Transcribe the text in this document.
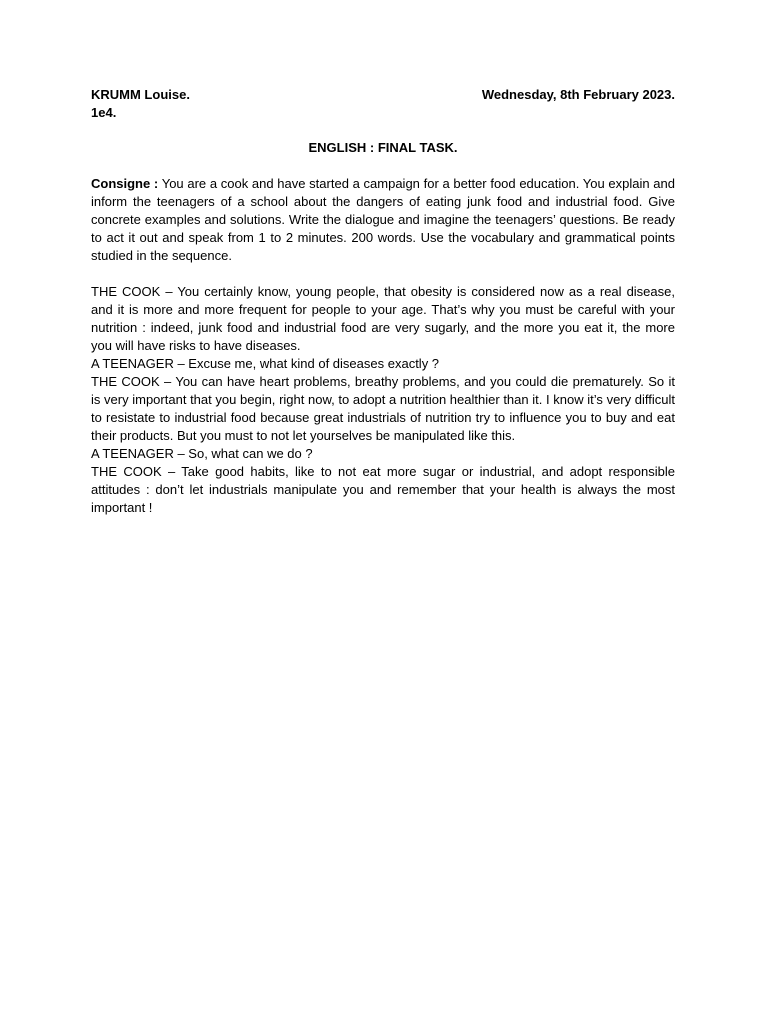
KRUMM Louise.	Wednesday, 8th February 2023.
1e4.
ENGLISH : FINAL TASK.
Consigne : You are a cook and have started a campaign for a better food education. You explain and inform the teenagers of a school about the dangers of eating junk food and industrial food. Give concrete examples and solutions. Write the dialogue and imagine the teenagers’ questions. Be ready to act it out and speak from 1 to 2 minutes. 200 words. Use the vocabulary and grammatical points studied in the sequence.

THE COOK – You certainly know, young people, that obesity is considered now as a real disease, and it is more and more frequent for people to your age. That’s why you must be careful with your nutrition : indeed, junk food and industrial food are very sugarly, and the more you eat it, the more you will have risks to have diseases.

A TEENAGER – Excuse me, what kind of diseases exactly ?

THE COOK – You can have heart problems, breathy problems, and you could die prematurely. So it is very important that you begin, right now, to adopt a nutrition healthier than it. I know it’s very difficult to resistate to industrial food because great industrials of nutrition try to influence you to buy and eat their products. But you must to not let yourselves be manipulated like this.

A TEENAGER – So, what can we do ?

THE COOK – Take good habits, like to not eat more sugar or industrial, and adopt responsible attitudes : don’t let industrials manipulate you and remember that your health is always the most important !
